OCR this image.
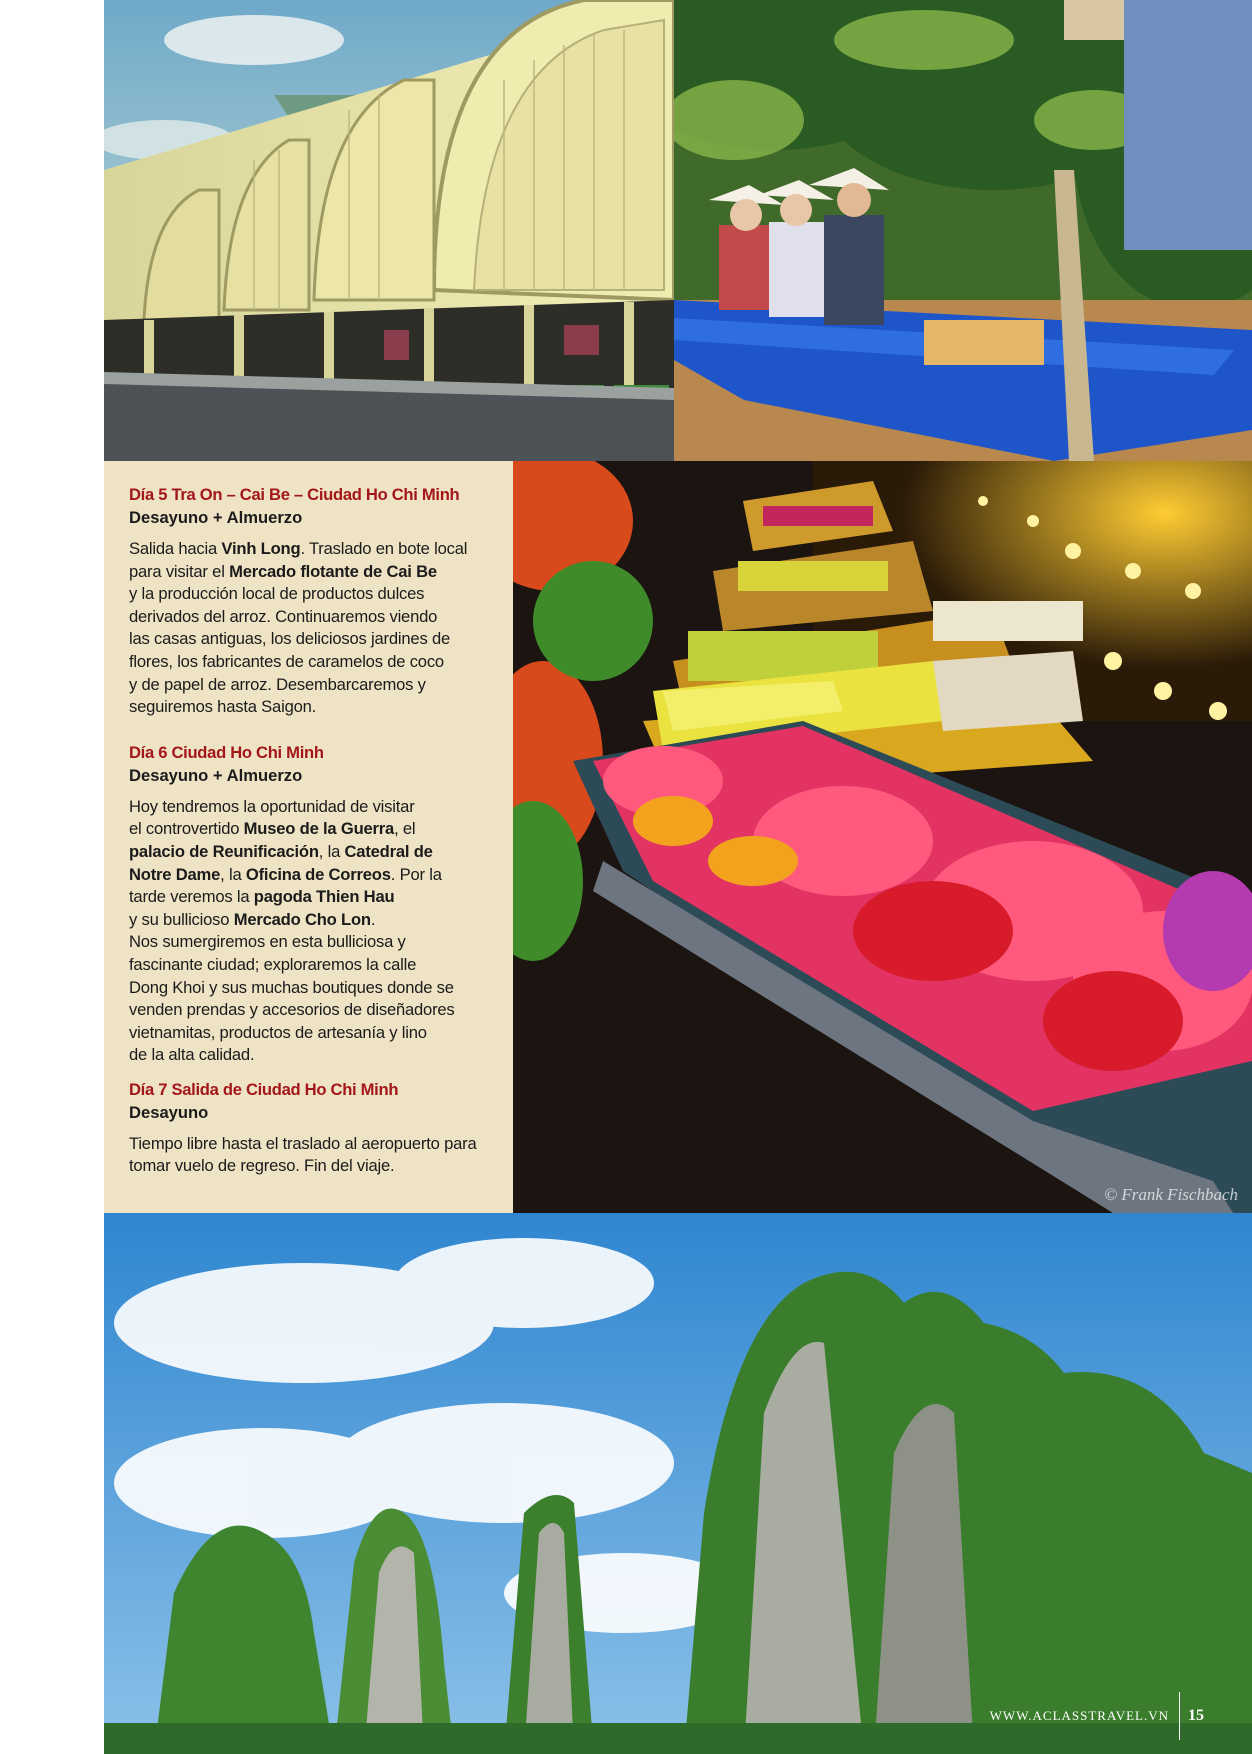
Día 5 Tra On – Cai Be – Ciudad Ho Chi Minh
Desayuno + Almuerzo
Salida hacia Vinh Long. Traslado en bote local
para visitar el Mercado flotante de Cai Be
y la producción local de productos dulces
derivados del arroz. Continuaremos viendo
las casas antiguas, los deliciosos jardines de
flores, los fabricantes de caramelos de coco
y de papel de arroz. Desembarcaremos y
seguiremos hasta Saigon.
Día 6 Ciudad Ho Chi Minh
Desayuno + Almuerzo
Hoy tendremos la oportunidad de visitar
el controvertido Museo de la Guerra, el
palacio de Reunificación, la Catedral de
Notre Dame, la Oficina de Correos. Por la
tarde veremos la pagoda Thien Hau
y su bullicioso Mercado Cho Lon.
Nos sumergiremos en esta bulliciosa y
fascinante ciudad; exploraremos la calle
Dong Khoi y sus muchas boutiques donde se
venden prendas y accesorios de diseñadores
vietnamitas, productos de artesanía y lino
de la alta calidad.
Día 7 Salida de Ciudad Ho Chi Minh
Desayuno
Tiempo libre hasta el traslado al aeropuerto para
tomar vuelo de regreso. Fin del viaje.
© Frank Fischbach
WWW.ACLASSTRAVEL.VN 15
